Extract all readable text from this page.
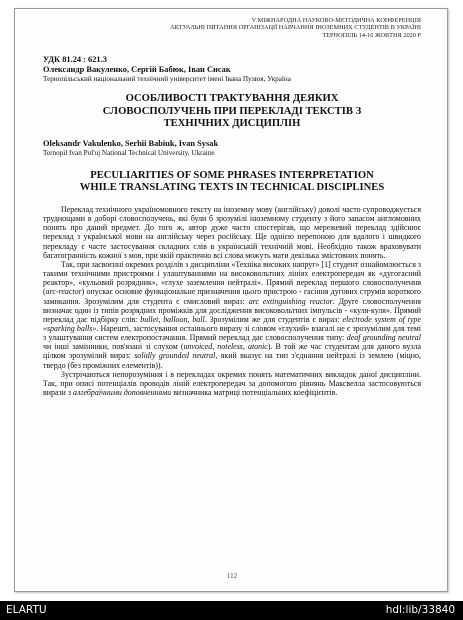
V МІЖНАРОДНА НАУКОВО-МЕТОДИЧНА КОНФЕРЕНЦІЯ
АКТУАЛЬНІ ПИТАННЯ ОРГАНІЗАЦІЇ НАВЧАННЯ ІНОЗЕМНИХ СТУДЕНТІВ В УКРАЇНІ
ТЕРНОПІЛЬ 14-16 ЖОВТНЯ 2020 Р
УДК 81.24 : 621.3
Олександр Вакуленко, Сергій Бабюк, Іван Сисак
Тернопільський національний технічний університет імені Івана Пулюя, Україна
ОСОБЛИВОСТІ ТРАКТУВАННЯ ДЕЯКИХ
СЛОВОСПОЛУЧЕНЬ ПРИ ПЕРЕКЛАДІ ТЕКСТІВ З
ТЕХНІЧНИХ ДИСЦИПЛІН
Oleksandr Vakulenko, Serhii Babiuk, Ivan Sysak
Ternopil Ivan Pul'uj National Technical University, Ukraine
PECULIARITIES OF SOME PHRASES INTERPRETATION
WHILE TRANSLATING TEXTS IN TECHNICAL DISCIPLINES

Переклад технічного україномовного тексту на іноземну мову (англійську) доволі часто супроводжується труднощами в доборі словосполучень, які були б зрозумілі іноземному студенту з його запасом англомовних понять про даний предмет. До того ж, автор дуже часто спостерігав, що мережевий переклад здійснює переклад з української мови на англійську через російську. Ще однією перепоною для вдалого і швидкого перекладу є часте застосування складних слів в українській технічній мові. Необхідно також враховувати багатогранність кожної з мов, при якій практично всі слова можуть мати декілька змістовних понять.

Так, при засвоєнні окремих розділів з дисципліни «Техніка високих напруг» [1] студент ознайомлюється з такими технічними пристроями і улаштуваннями на високовольтних лініях електропередач як «дугогасний реактор», «кульовий розрядник», «глухе заземлення нейтралі». Прямий переклад першого словосполучення (arc-reactor) опускає основне функціональне призначення цього пристрою - гасіння дугових струмів короткого замикання. Зрозумілим для студента є смисловий вираз: arc extinguishing reactor. Друге словосполучення визначає один із типів розрядних проміжків для дослідження високовольтних імпульсів - «куля-куля». Прямий переклад дає підбірку слів: bullet, balloon, ball. Зрозумілим же для студентів є вираз: electrode system of type «sparking balls». Нарешті, застосування останнього виразу зі словом «глухий» взагалі не є зрозумілим для темі з улаштування систем електропостачання. Прямий переклад дає словосполучення типу: deaf grounding neutral чи інші замінники, пов'язані зі слухом (unvoiced, noteless, atonic). В той же час студентам для даного вузла цілком зрозумілий вираз: solidly grounded neutral, який вказує на тип з'єднання нейтралі із землею (міцно, твердо (без проміжних елементів)).

Зустрічаються непорозуміння і в перекладах окремих понять математичних викладок даної дисципліни. Так, при описі потенціалів проводів ліній електропередач за допомогою рівнянь Максвелла застосовуються вирази з алгебраїчними доповненнями визначника матриці потенціальних коефіцієнтів.

112
ELARTU	hdl:lib/33840
